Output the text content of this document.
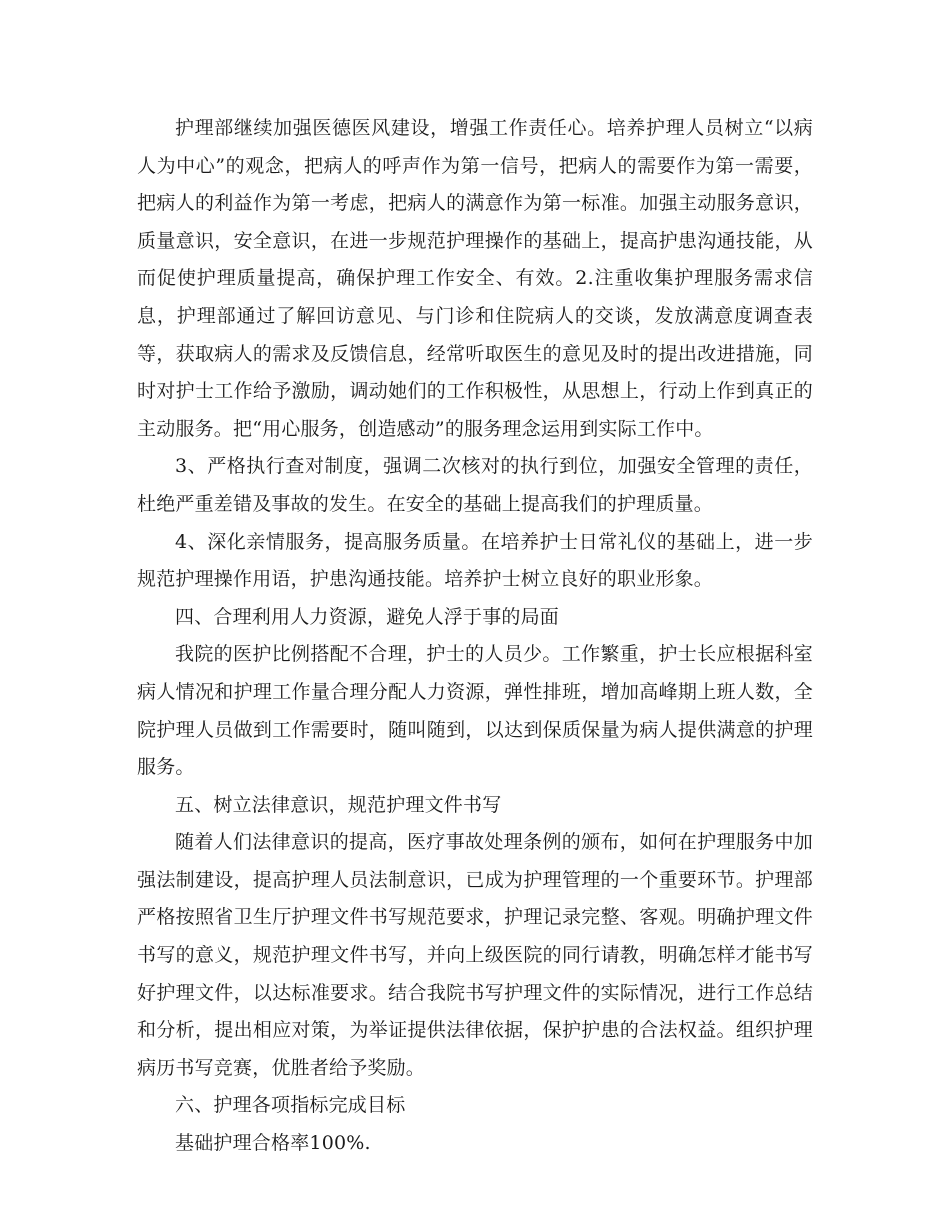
护理部继续加强医德医风建设，增强工作责任心。培养护理人员树立“以病人为中心”的观念，把病人的呼声作为第一信号，把病人的需要作为第一需要，把病人的利益作为第一考虑，把病人的满意作为第一标准。加强主动服务意识，质量意识，安全意识，在进一步规范护理操作的基础上，提高护患沟通技能，从而促使护理质量提高，确保护理工作安全、有效。2.注重收集护理服务需求信息，护理部通过了解回访意见、与门诊和住院病人的交谈，发放满意度调查表等，获取病人的需求及反馈信息，经常听取医生的意见及时的提出改进措施，同时对护士工作给予激励，调动她们的工作积极性，从思想上，行动上作到真正的主动服务。把“用心服务，创造感动”的服务理念运用到实际工作中。

3、严格执行查对制度，强调二次核对的执行到位，加强安全管理的责任，杜绝严重差错及事故的发生。在安全的基础上提高我们的护理质量。

4、深化亲情服务，提高服务质量。在培养护士日常礼仪的基础上，进一步规范护理操作用语，护患沟通技能。培养护士树立良好的职业形象。

四、合理利用人力资源，避免人浮于事的局面

我院的医护比例搭配不合理，护士的人员少。工作繁重，护士长应根据科室病人情况和护理工作量合理分配人力资源，弹性排班，增加高峰期上班人数，全院护理人员做到工作需要时，随叫随到，以达到保质保量为病人提供满意的护理服务。

五、树立法律意识，规范护理文件书写

随着人们法律意识的提高，医疗事故处理条例的颁布，如何在护理服务中加强法制建设，提高护理人员法制意识，已成为护理管理的一个重要环节。护理部严格按照省卫生厅护理文件书写规范要求，护理记录完整、客观。明确护理文件书写的意义，规范护理文件书写，并向上级医院的同行请教，明确怎样才能书写好护理文件，以达标准要求。结合我院书写护理文件的实际情况，进行工作总结和分析，提出相应对策，为举证提供法律依据，保护护患的合法权益。组织护理病历书写竞赛，优胜者给予奖励。

六、护理各项指标完成目标

基础护理合格率100%.
